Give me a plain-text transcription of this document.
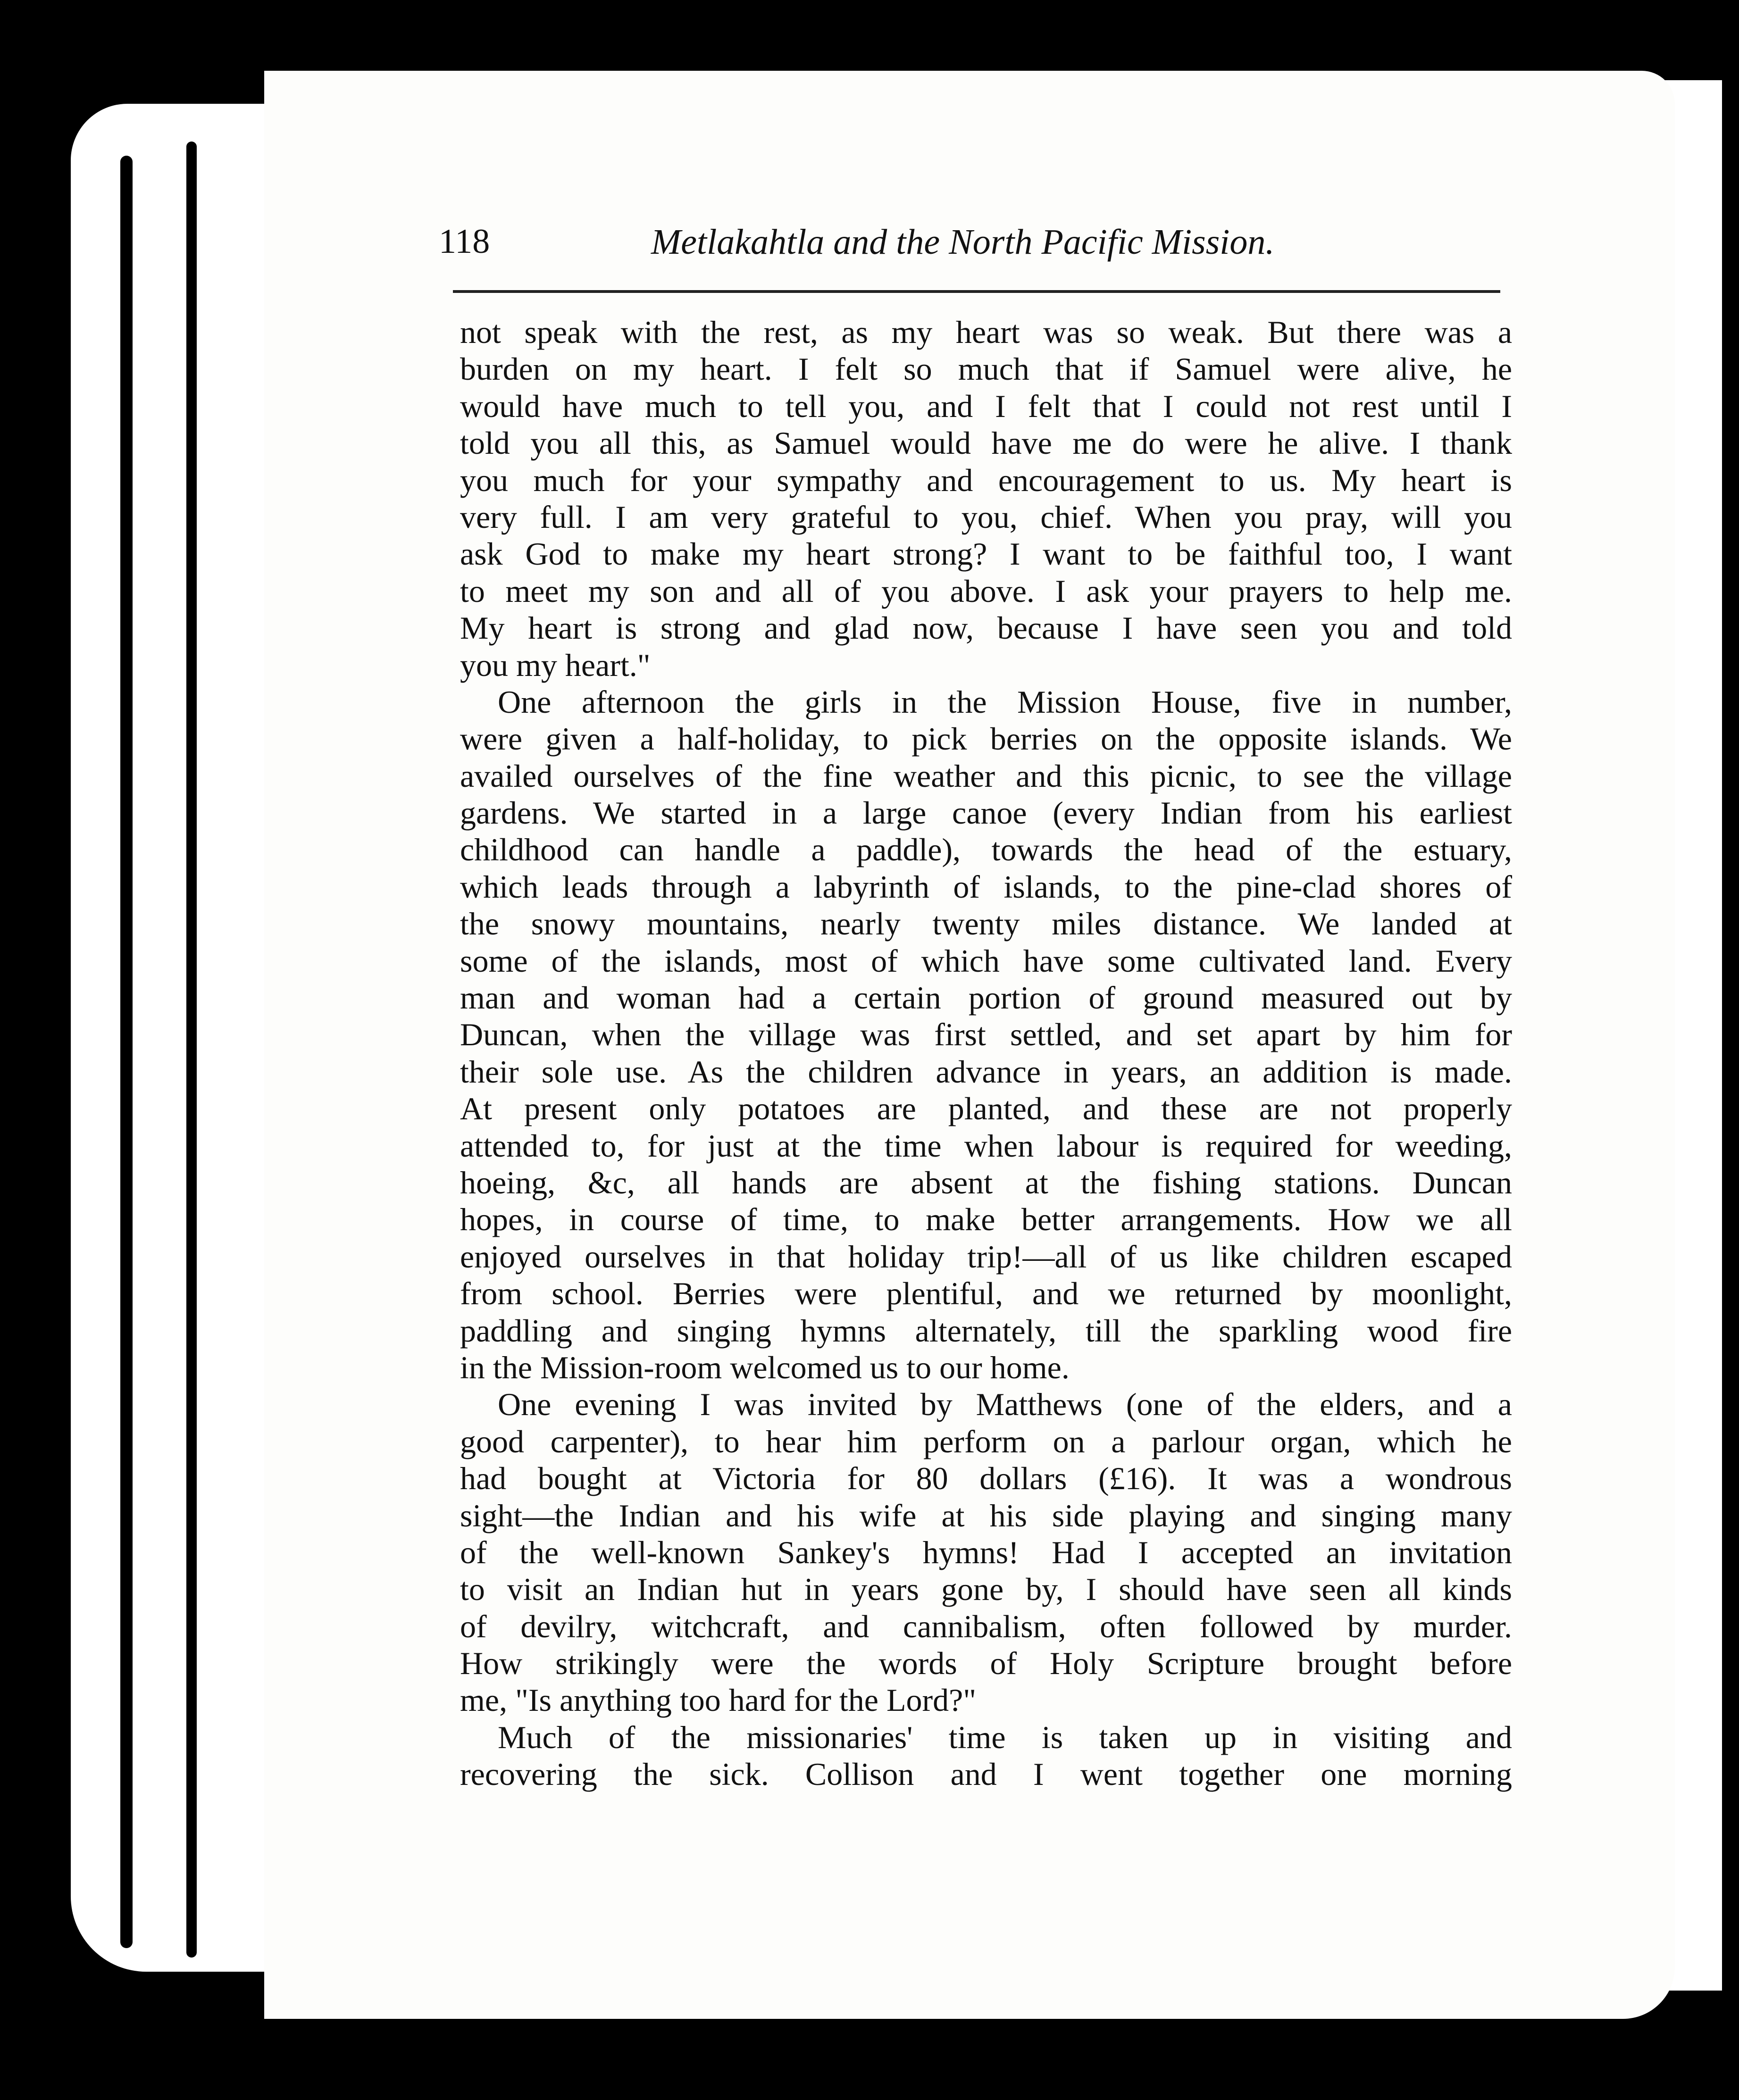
118	Metlakahtla and the North Pacific Mission.
not speak with the rest, as my heart was so weak. But there was a
burden on my heart. I felt so much that if Samuel were alive, he
would have much to tell you, and I felt that I could not rest until I
told you all this, as Samuel would have me do were he alive. I thank
you much for your sympathy and encouragement to us. My heart is
very full. I am very grateful to you, chief. When you pray, will you
ask God to make my heart strong? I want to be faithful too, I want
to meet my son and all of you above. I ask your prayers to help me.
My heart is strong and glad now, because I have seen you and told
you my heart."
One afternoon the girls in the Mission House, five in number,
were given a half-holiday, to pick berries on the opposite islands. We
availed ourselves of the fine weather and this picnic, to see the village
gardens. We started in a large canoe (every Indian from his earliest
childhood can handle a paddle), towards the head of the estuary,
which leads through a labyrinth of islands, to the pine-clad shores of
the snowy mountains, nearly twenty miles distance. We landed at
some of the islands, most of which have some cultivated land. Every
man and woman had a certain portion of ground measured out by
Duncan, when the village was first settled, and set apart by him for
their sole use. As the children advance in years, an addition is made.
At present only potatoes are planted, and these are not properly
attended to, for just at the time when labour is required for weeding,
hoeing, &c, all hands are absent at the fishing stations. Duncan
hopes, in course of time, to make better arrangements. How we all
enjoyed ourselves in that holiday trip!—all of us like children escaped
from school. Berries were plentiful, and we returned by moonlight,
paddling and singing hymns alternately, till the sparkling wood fire
in the Mission-room welcomed us to our home.
One evening I was invited by Matthews (one of the elders, and a
good carpenter), to hear him perform on a parlour organ, which he
had bought at Victoria for 80 dollars (£16). It was a wondrous
sight—the Indian and his wife at his side playing and singing many
of the well-known Sankey's hymns! Had I accepted an invitation
to visit an Indian hut in years gone by, I should have seen all kinds
of devilry, witchcraft, and cannibalism, often followed by murder.
How strikingly were the words of Holy Scripture brought before
me, "Is anything too hard for the Lord?"
Much of the missionaries' time is taken up in visiting and
recovering the sick. Collison and I went together one morning
